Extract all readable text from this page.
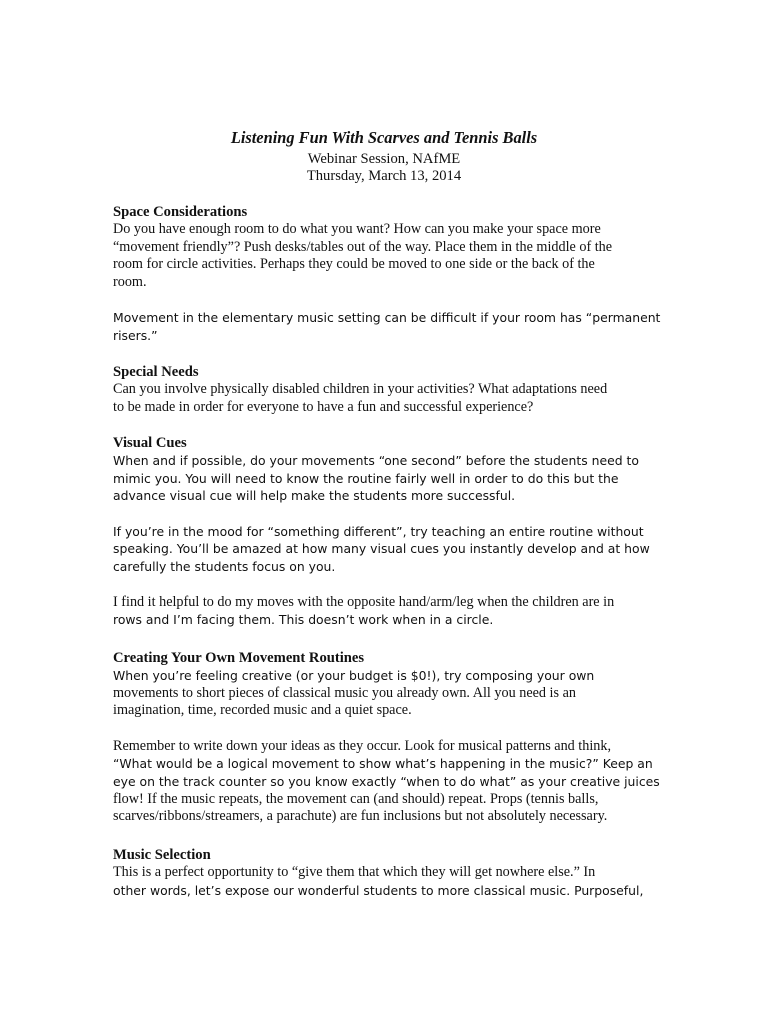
Listening Fun With Scarves and Tennis Balls
Webinar Session, NAfME
Thursday, March 13, 2014
Space Considerations
Do you have enough room to do what you want? How can you make your space more
“movement friendly”? Push desks/tables out of the way. Place them in the middle of the
room for circle activities. Perhaps they could be moved to one side or the back of the
room.
Movement in the elementary music setting can be difficult if your room has “permanent
risers.”
Special Needs
Can you involve physically disabled children in your activities? What adaptations need
to be made in order for everyone to have a fun and successful experience?
Visual Cues
When and if possible, do your movements “one second” before the students need to
mimic you. You will need to know the routine fairly well in order to do this but the
advance visual cue will help make the students more successful.
If you’re in the mood for “something different”, try teaching an entire routine without
speaking. You’ll be amazed at how many visual cues you instantly develop and at how
carefully the students focus on you.
I find it helpful to do my moves with the opposite hand/arm/leg when the children are in
rows and I’m facing them. This doesn’t work when in a circle.
Creating Your Own Movement Routines
When you’re feeling creative (or your budget is $0!), try composing your own
movements to short pieces of classical music you already own. All you need is an
imagination, time, recorded music and a quiet space.
Remember to write down your ideas as they occur. Look for musical patterns and think,
“What would be a logical movement to show what’s happening in the music?” Keep an
eye on the track counter so you know exactly “when to do what” as your creative juices
flow! If the music repeats, the movement can (and should) repeat. Props (tennis balls,
scarves/ribbons/streamers, a parachute) are fun inclusions but not absolutely necessary.
Music Selection
This is a perfect opportunity to “give them that which they will get nowhere else.” In
other words, let’s expose our wonderful students to more classical music. Purposeful,
